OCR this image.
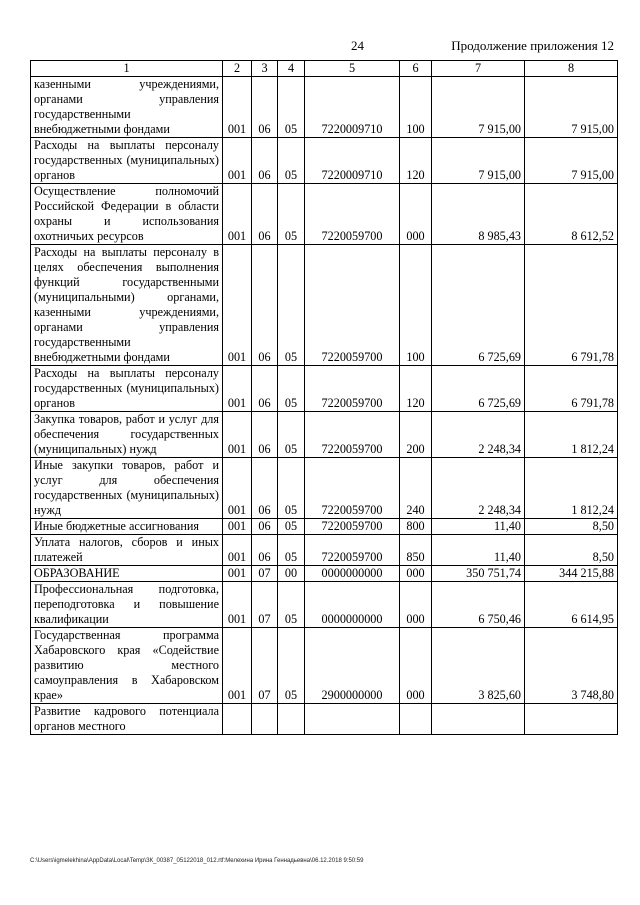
24	Продолжение приложения 12
1	2	3	4	5	6	7	8
казенными учреждениями, органами управления государственными внебюджетными фондами	001	06	05	7220009710	100	7 915,00	7 915,00
Расходы на выплаты персоналу государственных (муниципальных) органов	001	06	05	7220009710	120	7 915,00	7 915,00
Осуществление полномочий Российской Федерации в области охраны и использования охотничьих ресурсов	001	06	05	7220059700	000	8 985,43	8 612,52
Расходы на выплаты персоналу в целях обеспечения выполнения функций государственными (муниципальными) органами, казенными учреждениями, органами управления государственными внебюджетными фондами	001	06	05	7220059700	100	6 725,69	6 791,78
Расходы на выплаты персоналу государственных (муниципальных) органов	001	06	05	7220059700	120	6 725,69	6 791,78
Закупка товаров, работ и услуг для обеспечения государственных (муниципальных) нужд	001	06	05	7220059700	200	2 248,34	1 812,24
Иные закупки товаров, работ и услуг для обеспечения государственных (муниципальных) нужд	001	06	05	7220059700	240	2 248,34	1 812,24
Иные бюджетные ассигнования	001	06	05	7220059700	800	11,40	8,50
Уплата налогов, сборов и иных платежей	001	06	05	7220059700	850	11,40	8,50
ОБРАЗОВАНИЕ	001	07	00	0000000000	000	350 751,74	344 215,88
Профессиональная подготовка, переподготовка и повышение квалификации	001	07	05	0000000000	000	6 750,46	6 614,95
Государственная программа Хабаровского края «Содействие развитию местного самоуправления в Хабаровском крае»	001	07	05	2900000000	000	3 825,60	3 748,80
Развитие кадрового потенциала органов местного							
C:\Users\igmelekhina\AppData\Local\Temp\ЗК_00387_05122018_012.rtf:Мелехина Ирина Геннадьевна\06.12.2018 9:50:59
